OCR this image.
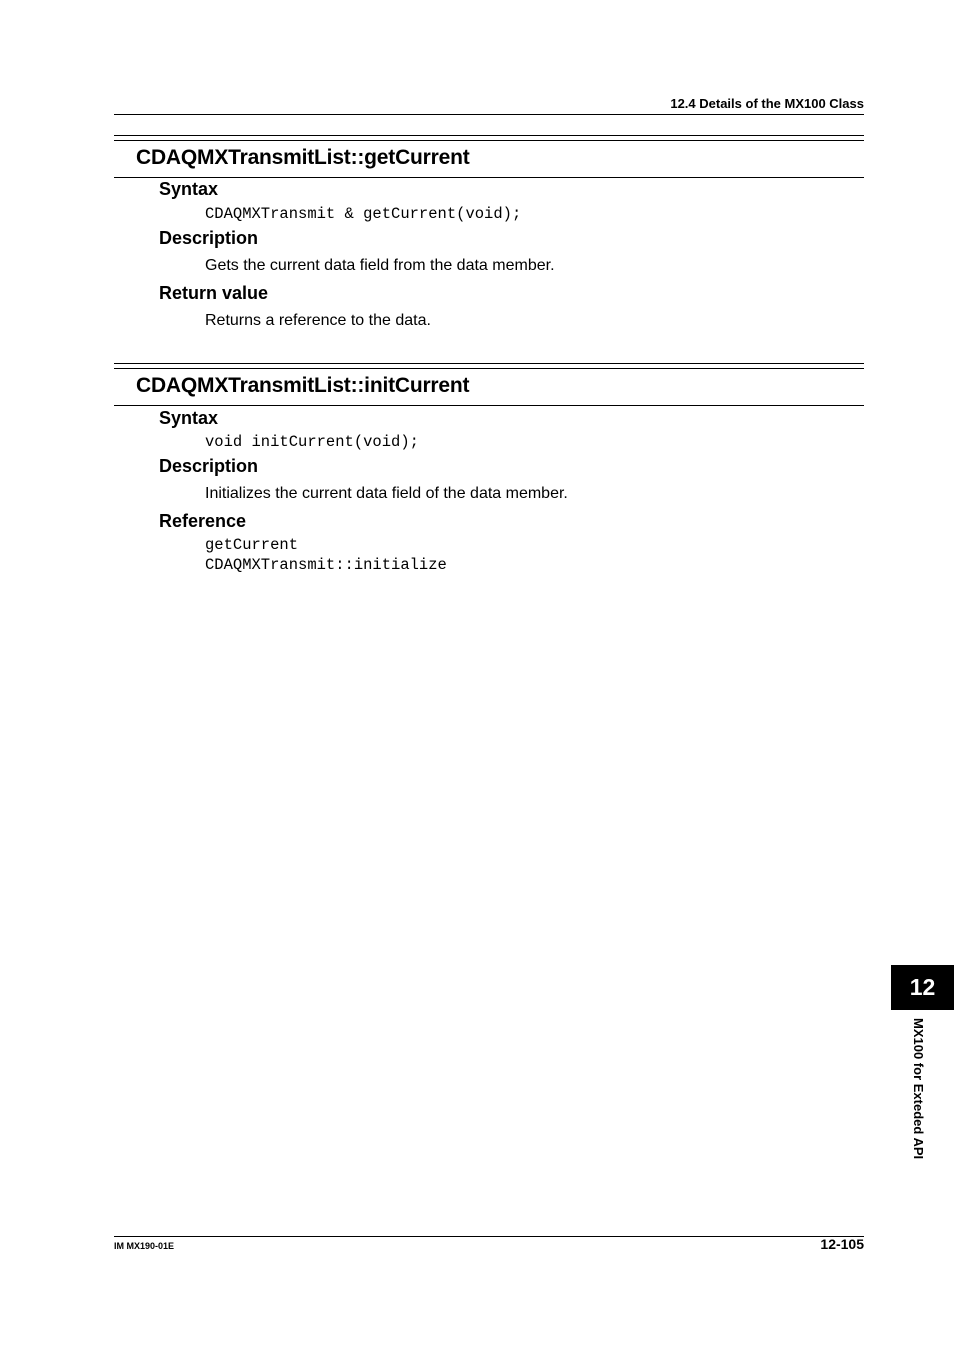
12.4 Details of the MX100 Class
CDAQMXTransmitList::getCurrent
Syntax
CDAQMXTransmit & getCurrent(void);
Description
Gets the current data field from the data member.
Return value
Returns a reference to the data.
CDAQMXTransmitList::initCurrent
Syntax
void initCurrent(void);
Description
Initializes the current data field of the data member.
Reference
getCurrent
CDAQMXTransmit::initialize
12
MX100 for Exteded API
IM MX190-01E	12-105
